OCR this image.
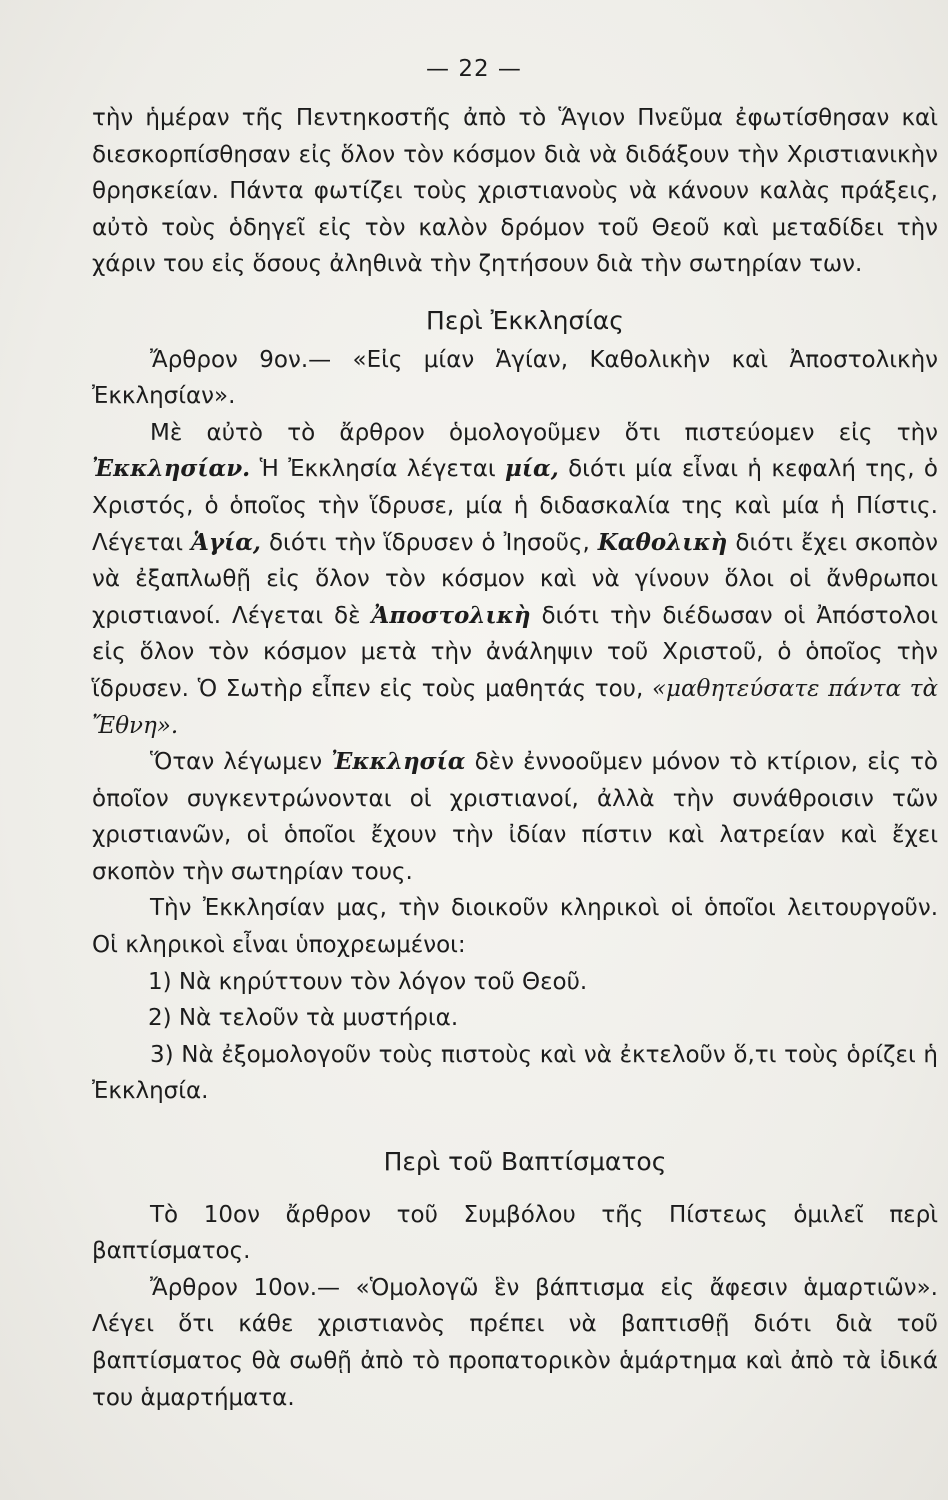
— 22 —

τὴν ἡμέραν τῆς Πεντηκοστῆς ἀπὸ τὸ Ἅγιον Πνεῦμα ἐφωτίσθησαν καὶ διεσκορπίσθησαν εἰς ὅλον τὸν κόσμον διὰ νὰ διδάξουν τὴν Χριστιανικὴν θρησκείαν. Πάντα φωτίζει τοὺς χριστιανοὺς νὰ κάνουν καλὰς πράξεις, αὐτὸ τοὺς ὁδηγεῖ εἰς τὸν καλὸν δρόμον τοῦ Θεοῦ καὶ μεταδίδει τὴν χάριν του εἰς ὅσους ἀληθινὰ τὴν ζητήσουν διὰ τὴν σωτηρίαν των.

Περὶ Ἐκκλησίας

Ἄρθρον 9ον.— «Εἰς μίαν Ἁγίαν, Καθολικὴν καὶ Ἀποστολικὴν Ἐκκλησίαν».

Μὲ αὐτὸ τὸ ἄρθρον ὁμολογοῦμεν ὅτι πιστεύομεν εἰς τὴν Ἐκκλησίαν. Ἡ Ἐκκλησία λέγεται μία, διότι μία εἶναι ἡ κεφαλή της, ὁ Χριστός, ὁ ὁποῖος τὴν ἵδρυσε, μία ἡ διδασκαλία της καὶ μία ἡ Πίστις. Λέγεται Ἁγία, διότι τὴν ἵδρυσεν ὁ Ἰησοῦς, Καθολικὴ διότι ἔχει σκοπὸν νὰ ἐξαπλωθῇ εἰς ὅλον τὸν κόσμον καὶ νὰ γίνουν ὅλοι οἱ ἄνθρωποι χριστιανοί. Λέγεται δὲ Ἀποστολικὴ διότι τὴν διέδωσαν οἱ Ἀπόστολοι εἰς ὅλον τὸν κόσμον μετὰ τὴν ἀνάληψιν τοῦ Χριστοῦ, ὁ ὁποῖος τὴν ἵδρυσεν. Ὁ Σωτὴρ εἶπεν εἰς τοὺς μαθητάς του, «μαθητεύσατε πάντα τὰ Ἔθνη».

Ὅταν λέγωμεν Ἐκκλησία δὲν ἐννοοῦμεν μόνον τὸ κτίριον, εἰς τὸ ὁποῖον συγκεντρώνονται οἱ χριστιανοί, ἀλλὰ τὴν συνάθροισιν τῶν χριστιανῶν, οἱ ὁποῖοι ἔχουν τὴν ἰδίαν πίστιν καὶ λατρείαν καὶ ἔχει σκοπὸν τὴν σωτηρίαν τους.

Τὴν Ἐκκλησίαν μας, τὴν διοικοῦν κληρικοὶ οἱ ὁποῖοι λειτουργοῦν. Οἱ κληρικοὶ εἶναι ὑποχρεωμένοι:

1) Νὰ κηρύττουν τὸν λόγον τοῦ Θεοῦ.

2) Νὰ τελοῦν τὰ μυστήρια.

3) Νὰ ἐξομολογοῦν τοὺς πιστοὺς καὶ νὰ ἐκτελοῦν ὅ,τι τοὺς ὁρίζει ἡ Ἐκκλησία.

Περὶ τοῦ Βαπτίσματος

Τὸ 10ον ἄρθρον τοῦ Συμβόλου τῆς Πίστεως ὁμιλεῖ περὶ βαπτίσματος.

Ἄρθρον 10ον.— «Ὁμολογῶ ἓν βάπτισμα εἰς ἄφεσιν ἁμαρτιῶν». Λέγει ὅτι κάθε χριστιανὸς πρέπει νὰ βαπτισθῇ διότι διὰ τοῦ βαπτίσματος θὰ σωθῇ ἀπὸ τὸ προπατορικὸν ἁμάρτημα καὶ ἀπὸ τὰ ἰδικά του ἁμαρτήματα.
